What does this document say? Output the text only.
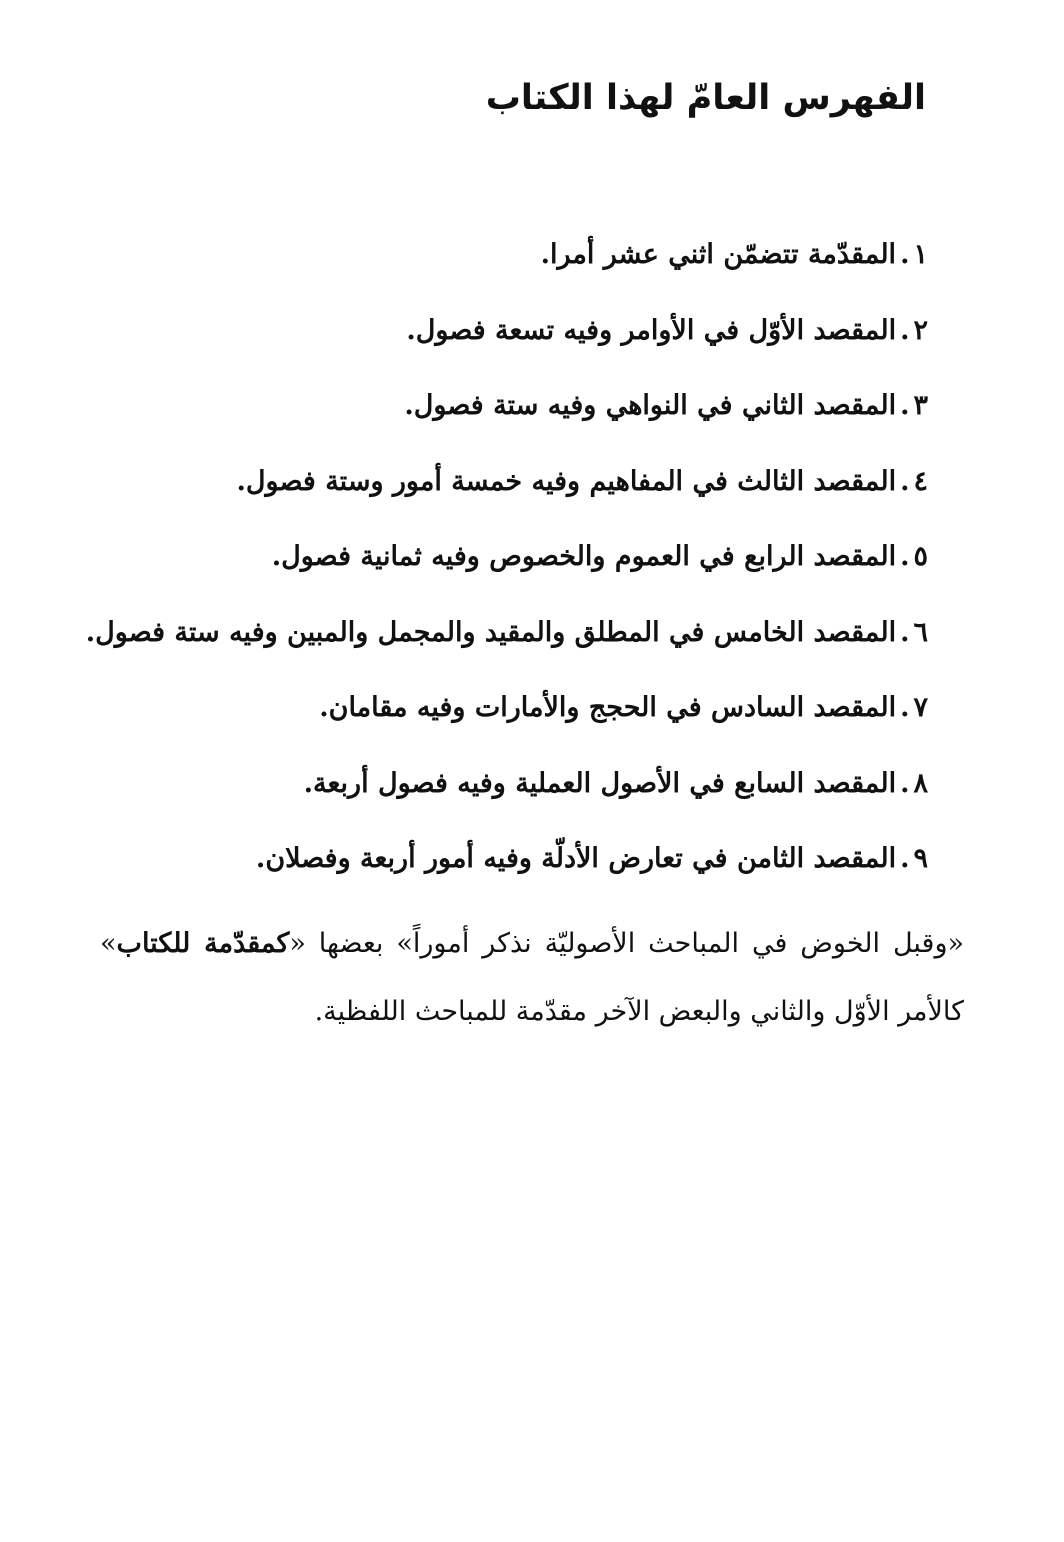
الفهرس العامّ لهذا الكتاب
١.المقدّمة تتضمّن اثني عشر أمرا.
٢.المقصد الأوّل في الأوامر وفيه تسعة فصول.
٣.المقصد الثاني في النواهي وفيه ستة فصول.
٤.المقصد الثالث في المفاهيم وفيه خمسة أمور وستة فصول.
٥.المقصد الرابع في العموم والخصوص وفيه ثمانية فصول.
٦.المقصد الخامس في المطلق والمقيد والمجمل والمبين وفيه ستة فصول.
٧.المقصد السادس في الحجج والأمارات وفيه مقامان.
٨.المقصد السابع في الأصول العملية وفيه فصول أربعة.
٩.المقصد الثامن في تعارض الأدلّة وفيه أمور أربعة وفصلان.

«وقبل الخوض في المباحث الأصوليّة نذكر أموراً» بعضها «كمقدّمة للكتاب» كالأمر الأوّل والثاني والبعض الآخر مقدّمة للمباحث اللفظية.
